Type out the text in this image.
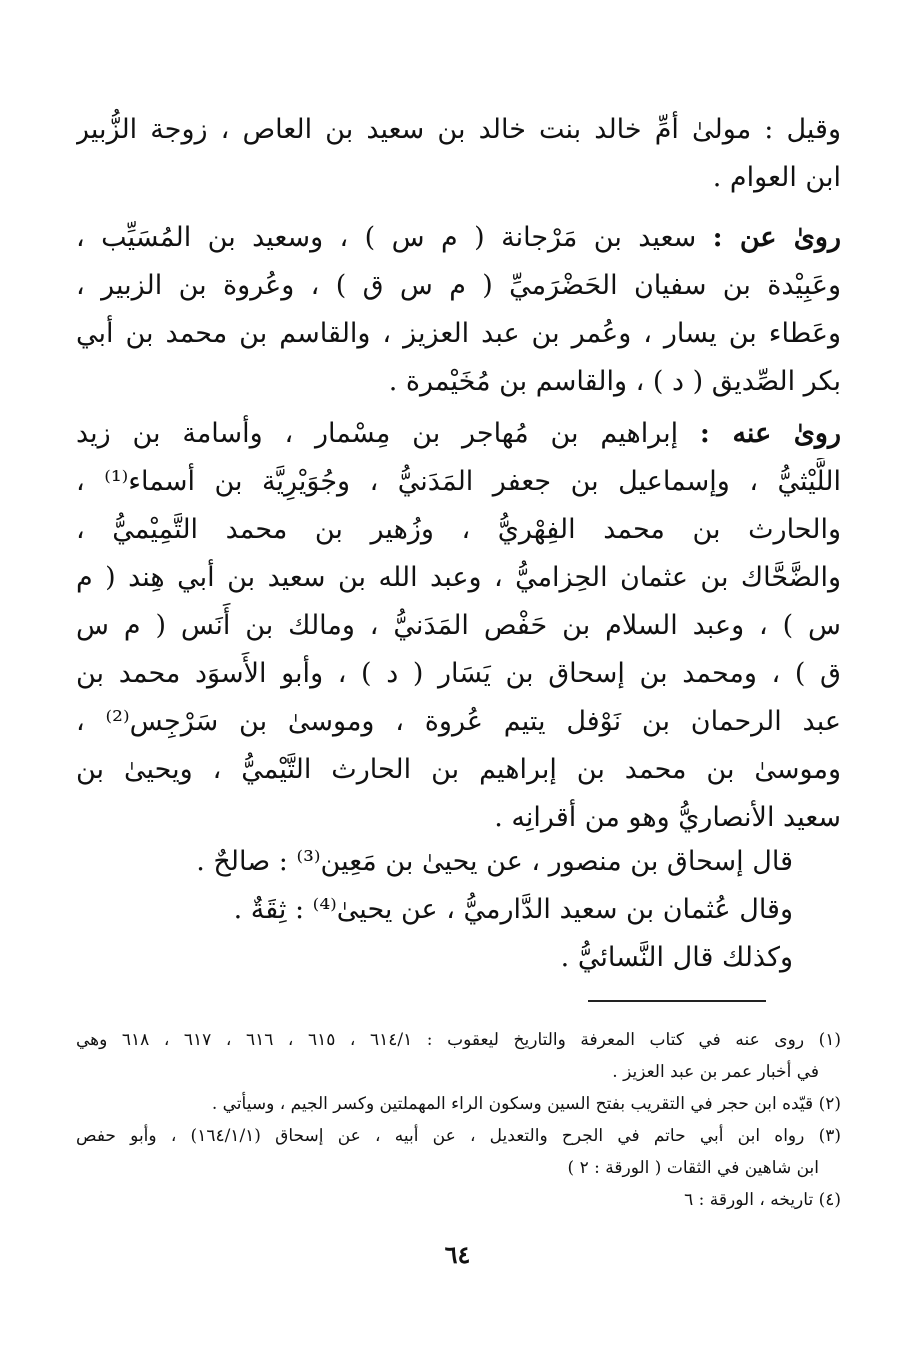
وقيل : مولىٰ أمِّ خالد بنت خالد بن سعيد بن العاص ، زوجة الزُّبير
ابن العوام .
روىٰ عن : سعيد بن مَرْجانة ( م س ) ، وسعيد بن المُسَيِّب ،
وعَبِيْدة بن سفيان الحَضْرَميِّ ( م س ق ) ، وعُروة بن الزبير ،
وعَطاء بن يسار ، وعُمر بن عبد العزيز ، والقاسم بن محمد بن أبي
بكر الصِّديق ( د ) ، والقاسم بن مُخَيْمرة .
روىٰ عنه : إبراهيم بن مُهاجر بن مِسْمار ، وأسامة بن زيد
اللَّيْثيُّ ، وإسماعيل بن جعفر المَدَنيُّ ، وجُوَيْرِيَّة بن أسماء⁽¹⁾ ،
والحارث بن محمد الفِهْريُّ ، وزُهير بن محمد التَّمِيْميُّ ،
والضَّحَّاك بن عثمان الحِزاميُّ ، وعبد الله بن سعيد بن أبي هِند ( م
س ) ، وعبد السلام بن حَفْص المَدَنيُّ ، ومالك بن أَنَس ( م س
ق ) ، ومحمد بن إسحاق بن يَسَار ( د ) ، وأبو الأَسوَد محمد بن
عبد الرحمان بن نَوْفل يتيم عُروة ، وموسىٰ بن سَرْجِس⁽²⁾ ،
وموسىٰ بن محمد بن إبراهيم بن الحارث التَّيْميُّ ، ويحيىٰ بن
سعيد الأنصاريُّ وهو من أقرانِه .
قال إسحاق بن منصور ، عن يحيىٰ بن مَعِين⁽³⁾ : صالحٌ .
وقال عُثمان بن سعيد الدَّارميُّ ، عن يحيىٰ⁽⁴⁾ : ثِقَةٌ .
وكذلك قال النَّسائيُّ .
(١) روى عنه في كتاب المعرفة والتاريخ ليعقوب : ٦١٤/١ ، ٦١٥ ، ٦١٦ ، ٦١٧ ، ٦١٨ وهي
في أخبار عمر بن عبد العزيز .
(٢) قيّده ابن حجر في التقريب بفتح السين وسكون الراء المهملتين وكسر الجيم ، وسيأتي .
(٣) رواه ابن أبي حاتم في الجرح والتعديل ، عن أبيه ، عن إسحاق (١٦٤/١/١) ، وأبو حفص
ابن شاهين في الثقات ( الورقة : ٢ )
(٤) تاريخه ، الورقة : ٦
٦٤
